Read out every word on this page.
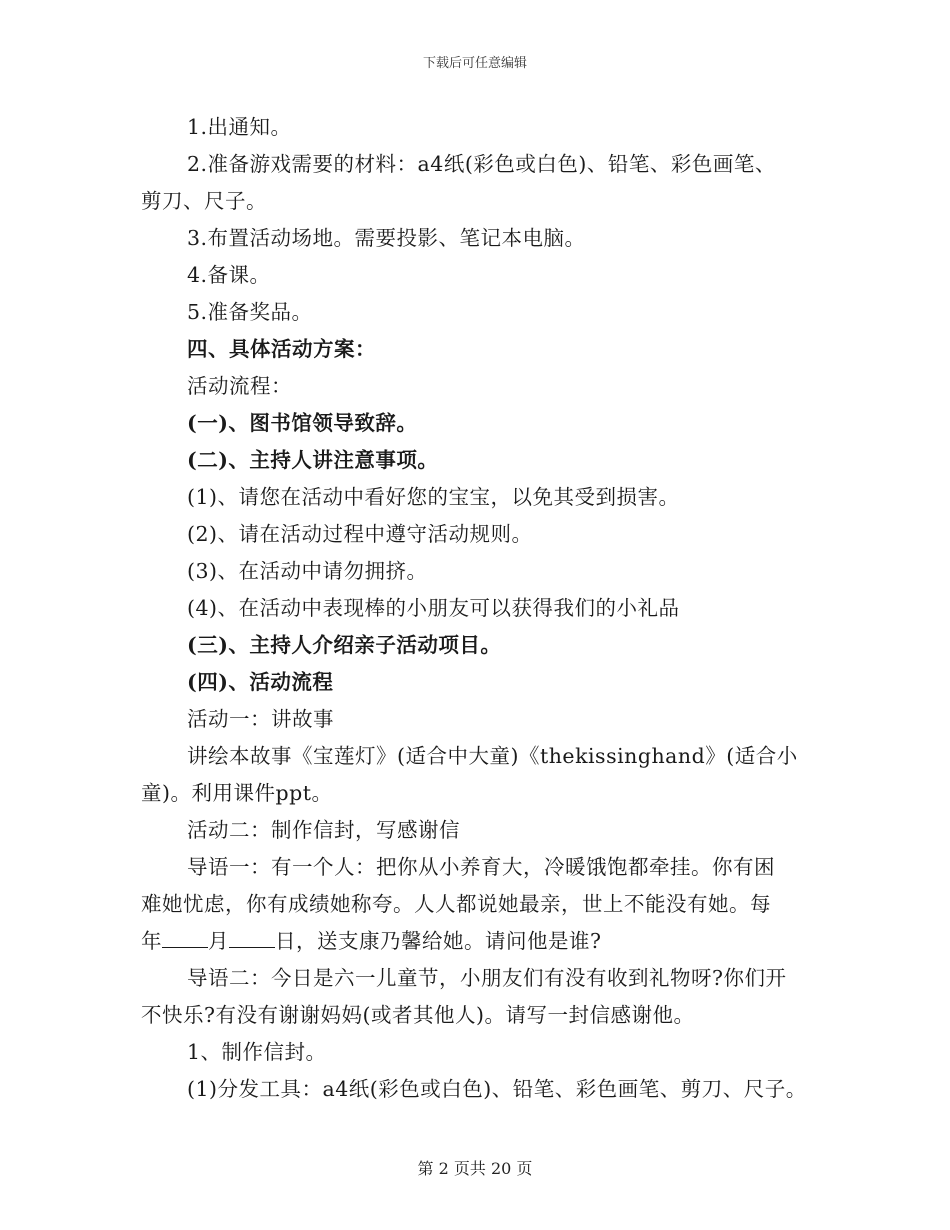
下载后可任意编辑
1.出通知。
2.准备游戏需要的材料：a4纸(彩色或白色)、铅笔、彩色画笔、
剪刀、尺子。
3.布置活动场地。需要投影、笔记本电脑。
4.备课。
5.准备奖品。
四、具体活动方案：
活动流程：
(一)、图书馆领导致辞。
(二)、主持人讲注意事项。
(1)、请您在活动中看好您的宝宝，以免其受到损害。
(2)、请在活动过程中遵守活动规则。
(3)、在活动中请勿拥挤。
(4)、在活动中表现棒的小朋友可以获得我们的小礼品
(三)、主持人介绍亲子活动项目。
(四)、活动流程
活动一：讲故事
讲绘本故事《宝莲灯》(适合中大童)《thekissinghand》(适合小
童)。利用课件ppt。
活动二：制作信封，写感谢信
导语一：有一个人：把你从小养育大，冷暖饿饱都牵挂。你有困
难她忧虑，你有成绩她称夸。人人都说她最亲，世上不能没有她。每
年 月 日，送支康乃馨给她。请问他是谁?
导语二：今日是六一儿童节，小朋友们有没有收到礼物呀?你们开
不快乐?有没有谢谢妈妈(或者其他人)。请写一封信感谢他。
1、制作信封。
(1)分发工具：a4纸(彩色或白色)、铅笔、彩色画笔、剪刀、尺子。
第 2 页共 20 页
